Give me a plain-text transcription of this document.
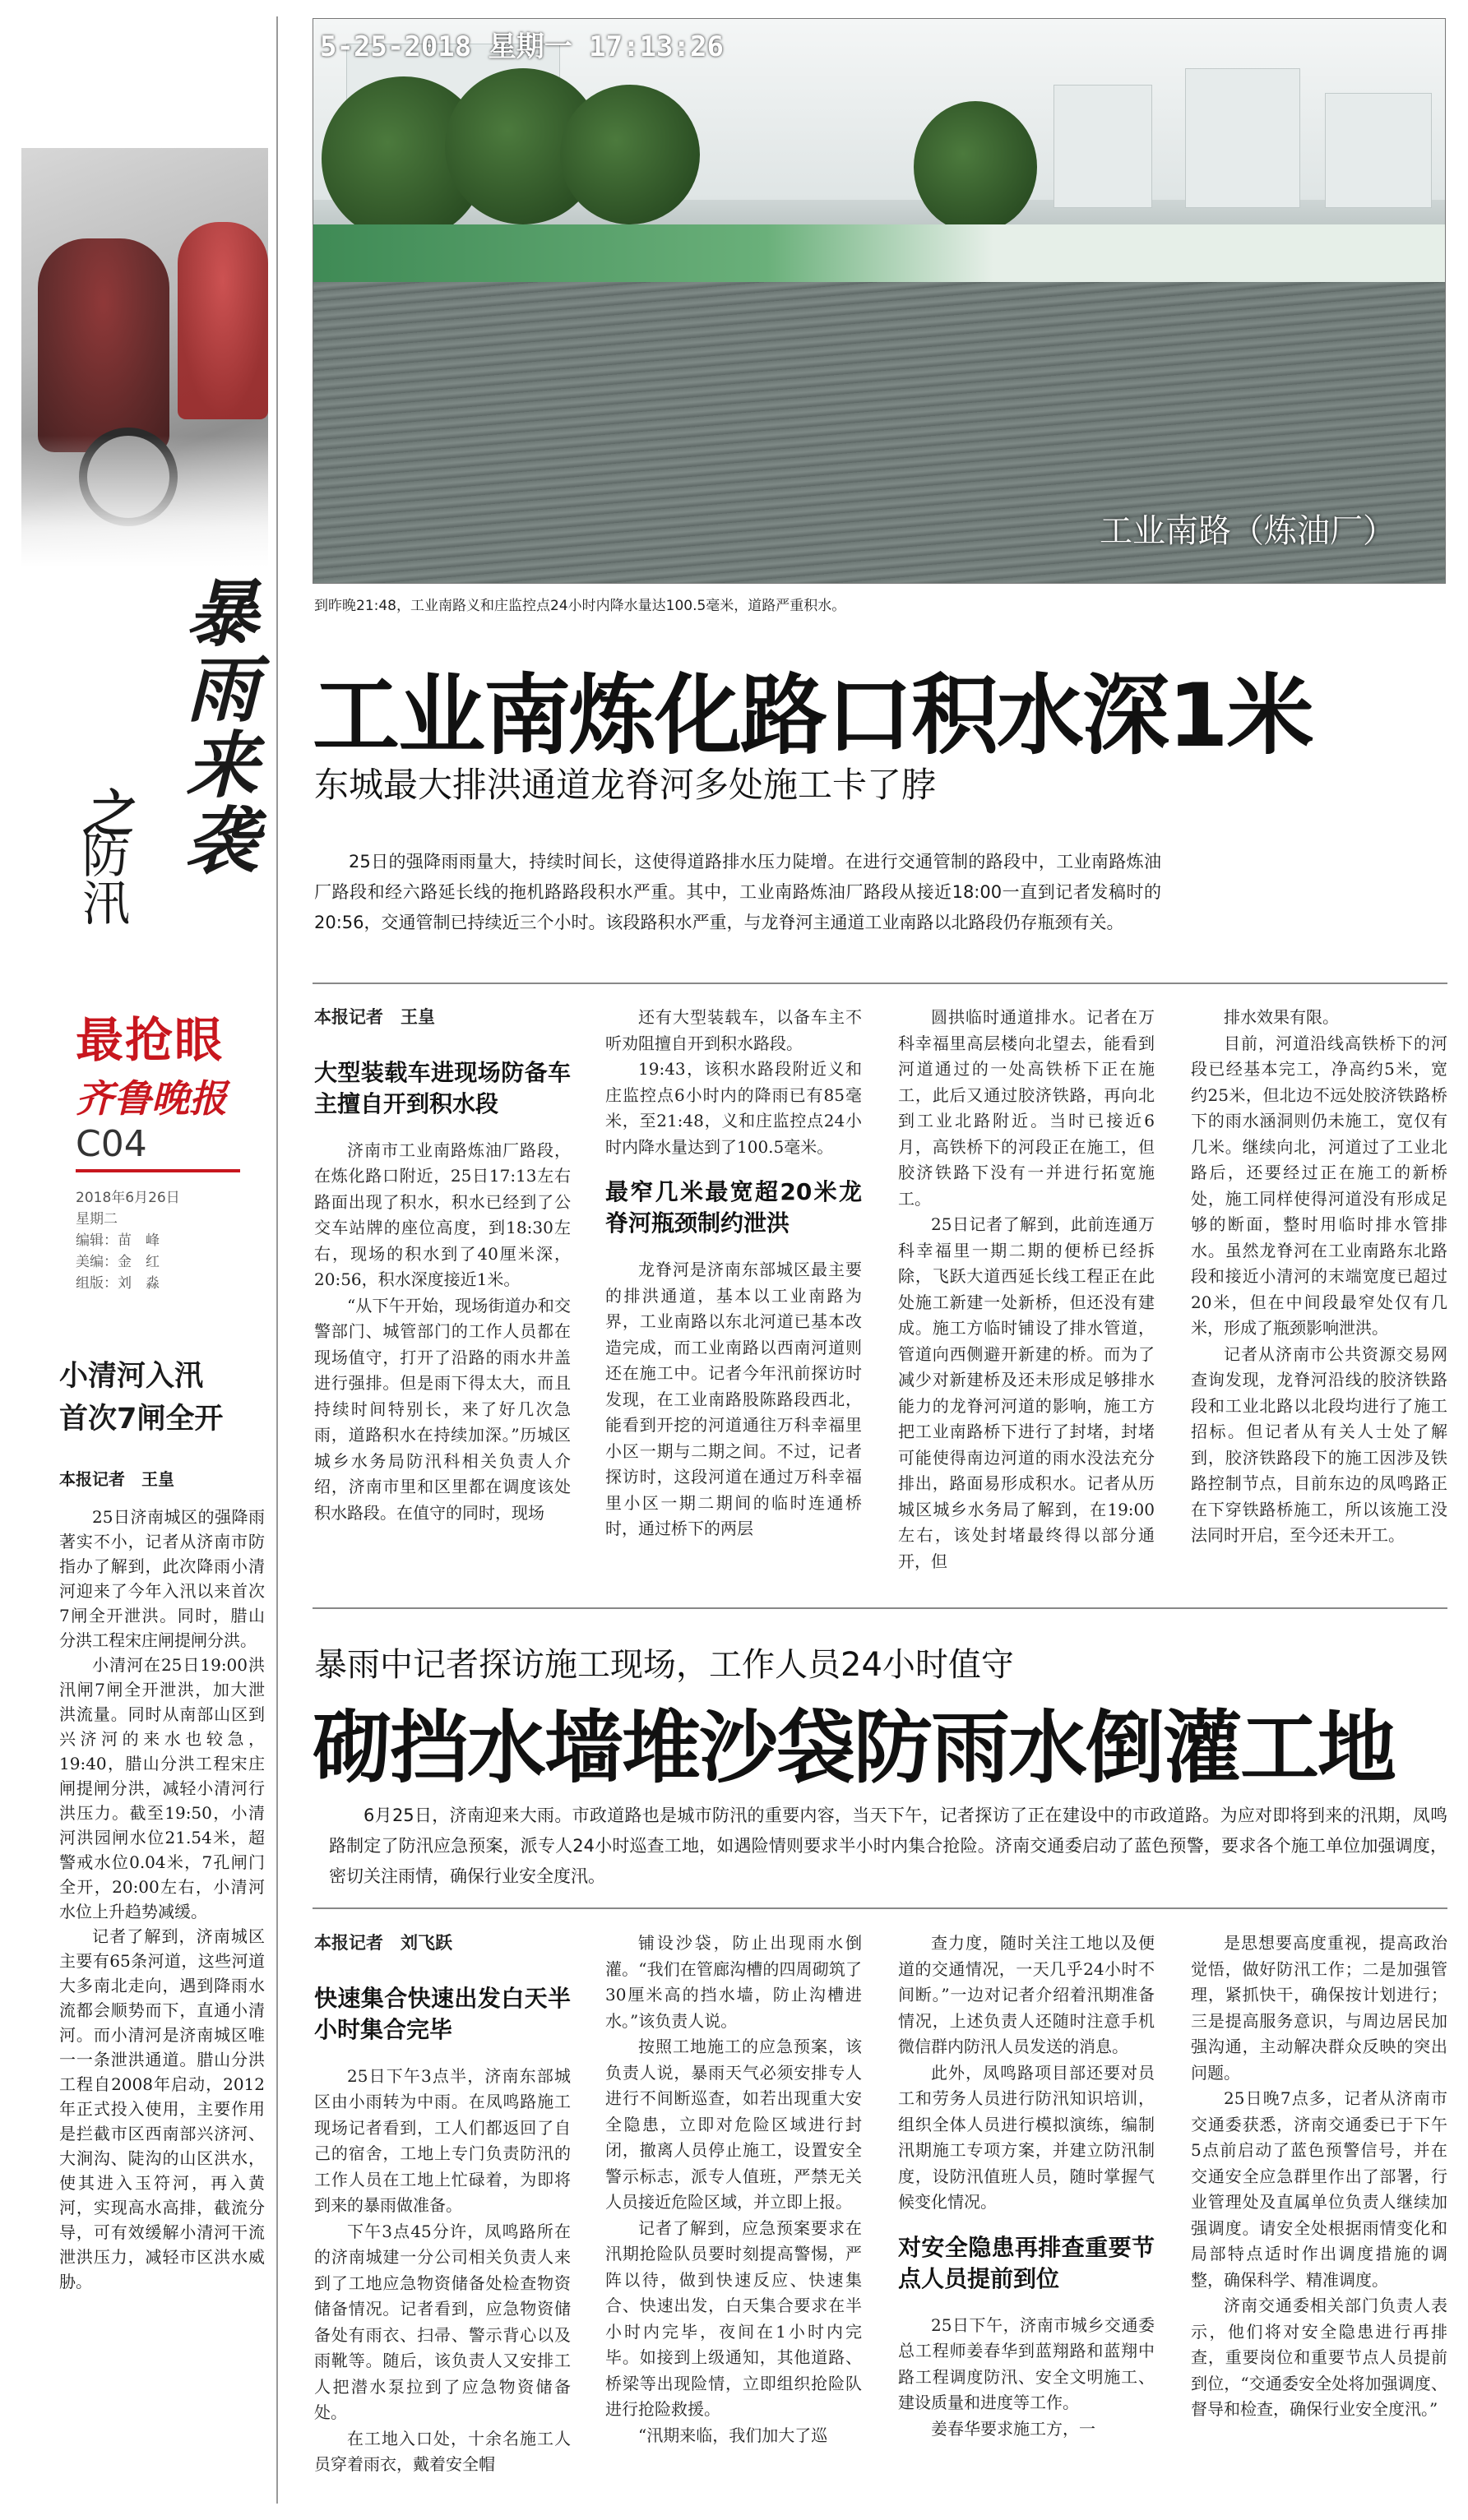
暴雨来袭
之
防汛
最抢眼
齐鲁晚报
C04
2018年6月26日
星期二
编辑：苗　峰
美编：金　红
组版：刘　淼
小清河入汛
首次7闸全开
本报记者　王皇

25日济南城区的强降雨著实不小，记者从济南市防指办了解到，此次降雨小清河迎来了今年入汛以来首次7闸全开泄洪。同时，腊山分洪工程宋庄闸提闸分洪。

小清河在25日19:00洪汛闸7闸全开泄洪，加大泄洪流量。同时从南部山区到兴济河的来水也较急，19:40，腊山分洪工程宋庄闸提闸分洪，减轻小清河行洪压力。截至19:50，小清河洪园闸水位21.54米，超警戒水位0.04米，7孔闸门全开，20:00左右，小清河水位上升趋势减缓。

记者了解到，济南城区主要有65条河道，这些河道大多南北走向，遇到降雨水流都会顺势而下，直通小清河。而小清河是济南城区唯一一条泄洪通道。腊山分洪工程自2008年启动，2012年正式投入使用，主要作用是拦截市区西南部兴济河、大涧沟、陡沟的山区洪水，使其进入玉符河，再入黄河，实现高水高排，截流分导，可有效缓解小清河干流泄洪压力，减轻市区洪水威胁。

5-25-2018 星期一 17:13:26
工业南路（炼油厂）
到昨晚21:48，工业南路义和庄监控点24小时内降水量达100.5毫米，道路严重积水。
工业南炼化路口积水深1米
东城最大排洪通道龙脊河多处施工卡了脖

25日的强降雨雨量大，持续时间长，这使得道路排水压力陡增。在进行交通管制的路段中，工业南路炼油厂路段和经六路延长线的拖机路路段积水严重。其中，工业南路炼油厂路段从接近18:00一直到记者发稿时的20:56，交通管制已持续近三个小时。该段路积水严重，与龙脊河主通道工业南路以北路段仍存瓶颈有关。

本报记者　王皇
大型装载车进现场防备车主擅自开到积水段

济南市工业南路炼油厂路段，在炼化路口附近，25日17:13左右路面出现了积水，积水已经到了公交车站牌的座位高度，到18:30左右，现场的积水到了40厘米深，20:56，积水深度接近1米。

“从下午开始，现场街道办和交警部门、城管部门的工作人员都在现场值守，打开了沿路的雨水井盖进行强排。但是雨下得太大，而且持续时间特别长，来了好几次急雨，道路积水在持续加深。”历城区城乡水务局防汛科相关负责人介绍，济南市里和区里都在调度该处积水路段。在值守的同时，现场

还有大型装载车，以备车主不听劝阻擅自开到积水路段。

19:43，该积水路段附近义和庄监控点6小时内的降雨已有85毫米，至21:48，义和庄监控点24小时内降水量达到了100.5毫米。

最窄几米最宽超20米龙脊河瓶颈制约泄洪

龙脊河是济南东部城区最主要的排洪通道，基本以工业南路为界，工业南路以东北河道已基本改造完成，而工业南路以西南河道则还在施工中。记者今年汛前探访时发现，在工业南路股陈路段西北，能看到开挖的河道通往万科幸福里小区一期与二期之间。不过，记者探访时，这段河道在通过万科幸福里小区一期二期间的临时连通桥时，通过桥下的两层

圆拱临时通道排水。记者在万科幸福里高层楼向北望去，能看到河道通过的一处高铁桥下正在施工，此后又通过胶济铁路，再向北到工业北路附近。当时已接近6月，高铁桥下的河段正在施工，但胶济铁路下没有一并进行拓宽施工。

25日记者了解到，此前连通万科幸福里一期二期的便桥已经拆除，飞跃大道西延长线工程正在此处施工新建一处新桥，但还没有建成。施工方临时铺设了排水管道，管道向西侧避开新建的桥。而为了减少对新建桥及还未形成足够排水能力的龙脊河河道的影响，施工方把工业南路桥下进行了封堵，封堵可能使得南边河道的雨水没法充分排出，路面易形成积水。记者从历城区城乡水务局了解到，在19:00左右，该处封堵最终得以部分通开，但

排水效果有限。

目前，河道沿线高铁桥下的河段已经基本完工，净高约5米，宽约25米，但北边不远处胶济铁路桥下的雨水涵洞则仍未施工，宽仅有几米。继续向北，河道过了工业北路后，还要经过正在施工的新桥处，施工同样使得河道没有形成足够的断面，整时用临时排水管排水。虽然龙脊河在工业南路东北路段和接近小清河的末端宽度已超过20米，但在中间段最窄处仅有几米，形成了瓶颈影响泄洪。

记者从济南市公共资源交易网查询发现，龙脊河沿线的胶济铁路段和工业北路以北段均进行了施工招标。但记者从有关人士处了解到，胶济铁路段下的施工因涉及铁路控制节点，目前东边的凤鸣路正在下穿铁路桥施工，所以该施工没法同时开启，至今还未开工。

暴雨中记者探访施工现场，工作人员24小时值守
砌挡水墙堆沙袋防雨水倒灌工地

6月25日，济南迎来大雨。市政道路也是城市防汛的重要内容，当天下午，记者探访了正在建设中的市政道路。为应对即将到来的汛期，凤鸣路制定了防汛应急预案，派专人24小时巡查工地，如遇险情则要求半小时内集合抢险。济南交通委启动了蓝色预警，要求各个施工单位加强调度，密切关注雨情，确保行业安全度汛。

本报记者　刘飞跃
快速集合快速出发白天半小时集合完毕

25日下午3点半，济南东部城区由小雨转为中雨。在凤鸣路施工现场记者看到，工人们都返回了自己的宿舍，工地上专门负责防汛的工作人员在工地上忙碌着，为即将到来的暴雨做准备。

下午3点45分许，凤鸣路所在的济南城建一分公司相关负责人来到了工地应急物资储备处检查物资储备情况。记者看到，应急物资储备处有雨衣、扫帚、警示背心以及雨靴等。随后，该负责人又安排工人把潜水泵拉到了应急物资储备处。

在工地入口处，十余名施工人员穿着雨衣，戴着安全帽

铺设沙袋，防止出现雨水倒灌。“我们在管廊沟槽的四周砌筑了30厘米高的挡水墙，防止沟槽进水。”该负责人说。

按照工地施工的应急预案，该负责人说，暴雨天气必须安排专人进行不间断巡查，如若出现重大安全隐患，立即对危险区域进行封闭，撤离人员停止施工，设置安全警示标志，派专人值班，严禁无关人员接近危险区域，并立即上报。

记者了解到，应急预案要求在汛期抢险队员要时刻提高警惕，严阵以待，做到快速反应、快速集合、快速出发，白天集合要求在半小时内完毕，夜间在1小时内完毕。如接到上级通知，其他道路、桥梁等出现险情，立即组织抢险队进行抢险救援。

“汛期来临，我们加大了巡

查力度，随时关注工地以及便道的交通情况，一天几乎24小时不间断。”一边对记者介绍着汛期准备情况，上述负责人还随时注意手机微信群内防汛人员发送的消息。

此外，凤鸣路项目部还要对员工和劳务人员进行防汛知识培训，组织全体人员进行模拟演练，编制汛期施工专项方案，并建立防汛制度，设防汛值班人员，随时掌握气候变化情况。

对安全隐患再排查重要节点人员提前到位

25日下午，济南市城乡交通委总工程师姜春华到蓝翔路和蓝翔中路工程调度防汛、安全文明施工、建设质量和进度等工作。

姜春华要求施工方，一

是思想要高度重视，提高政治觉悟，做好防汛工作；二是加强管理，紧抓快干，确保按计划进行；三是提高服务意识，与周边居民加强沟通，主动解决群众反映的突出问题。

25日晚7点多，记者从济南市交通委获悉，济南交通委已于下午5点前启动了蓝色预警信号，并在交通安全应急群里作出了部署，行业管理处及直属单位负责人继续加强调度。请安全处根据雨情变化和局部特点适时作出调度措施的调整，确保科学、精准调度。

济南交通委相关部门负责人表示，他们将对安全隐患进行再排查，重要岗位和重要节点人员提前到位，“交通委安全处将加强调度、督导和检查，确保行业安全度汛。”
